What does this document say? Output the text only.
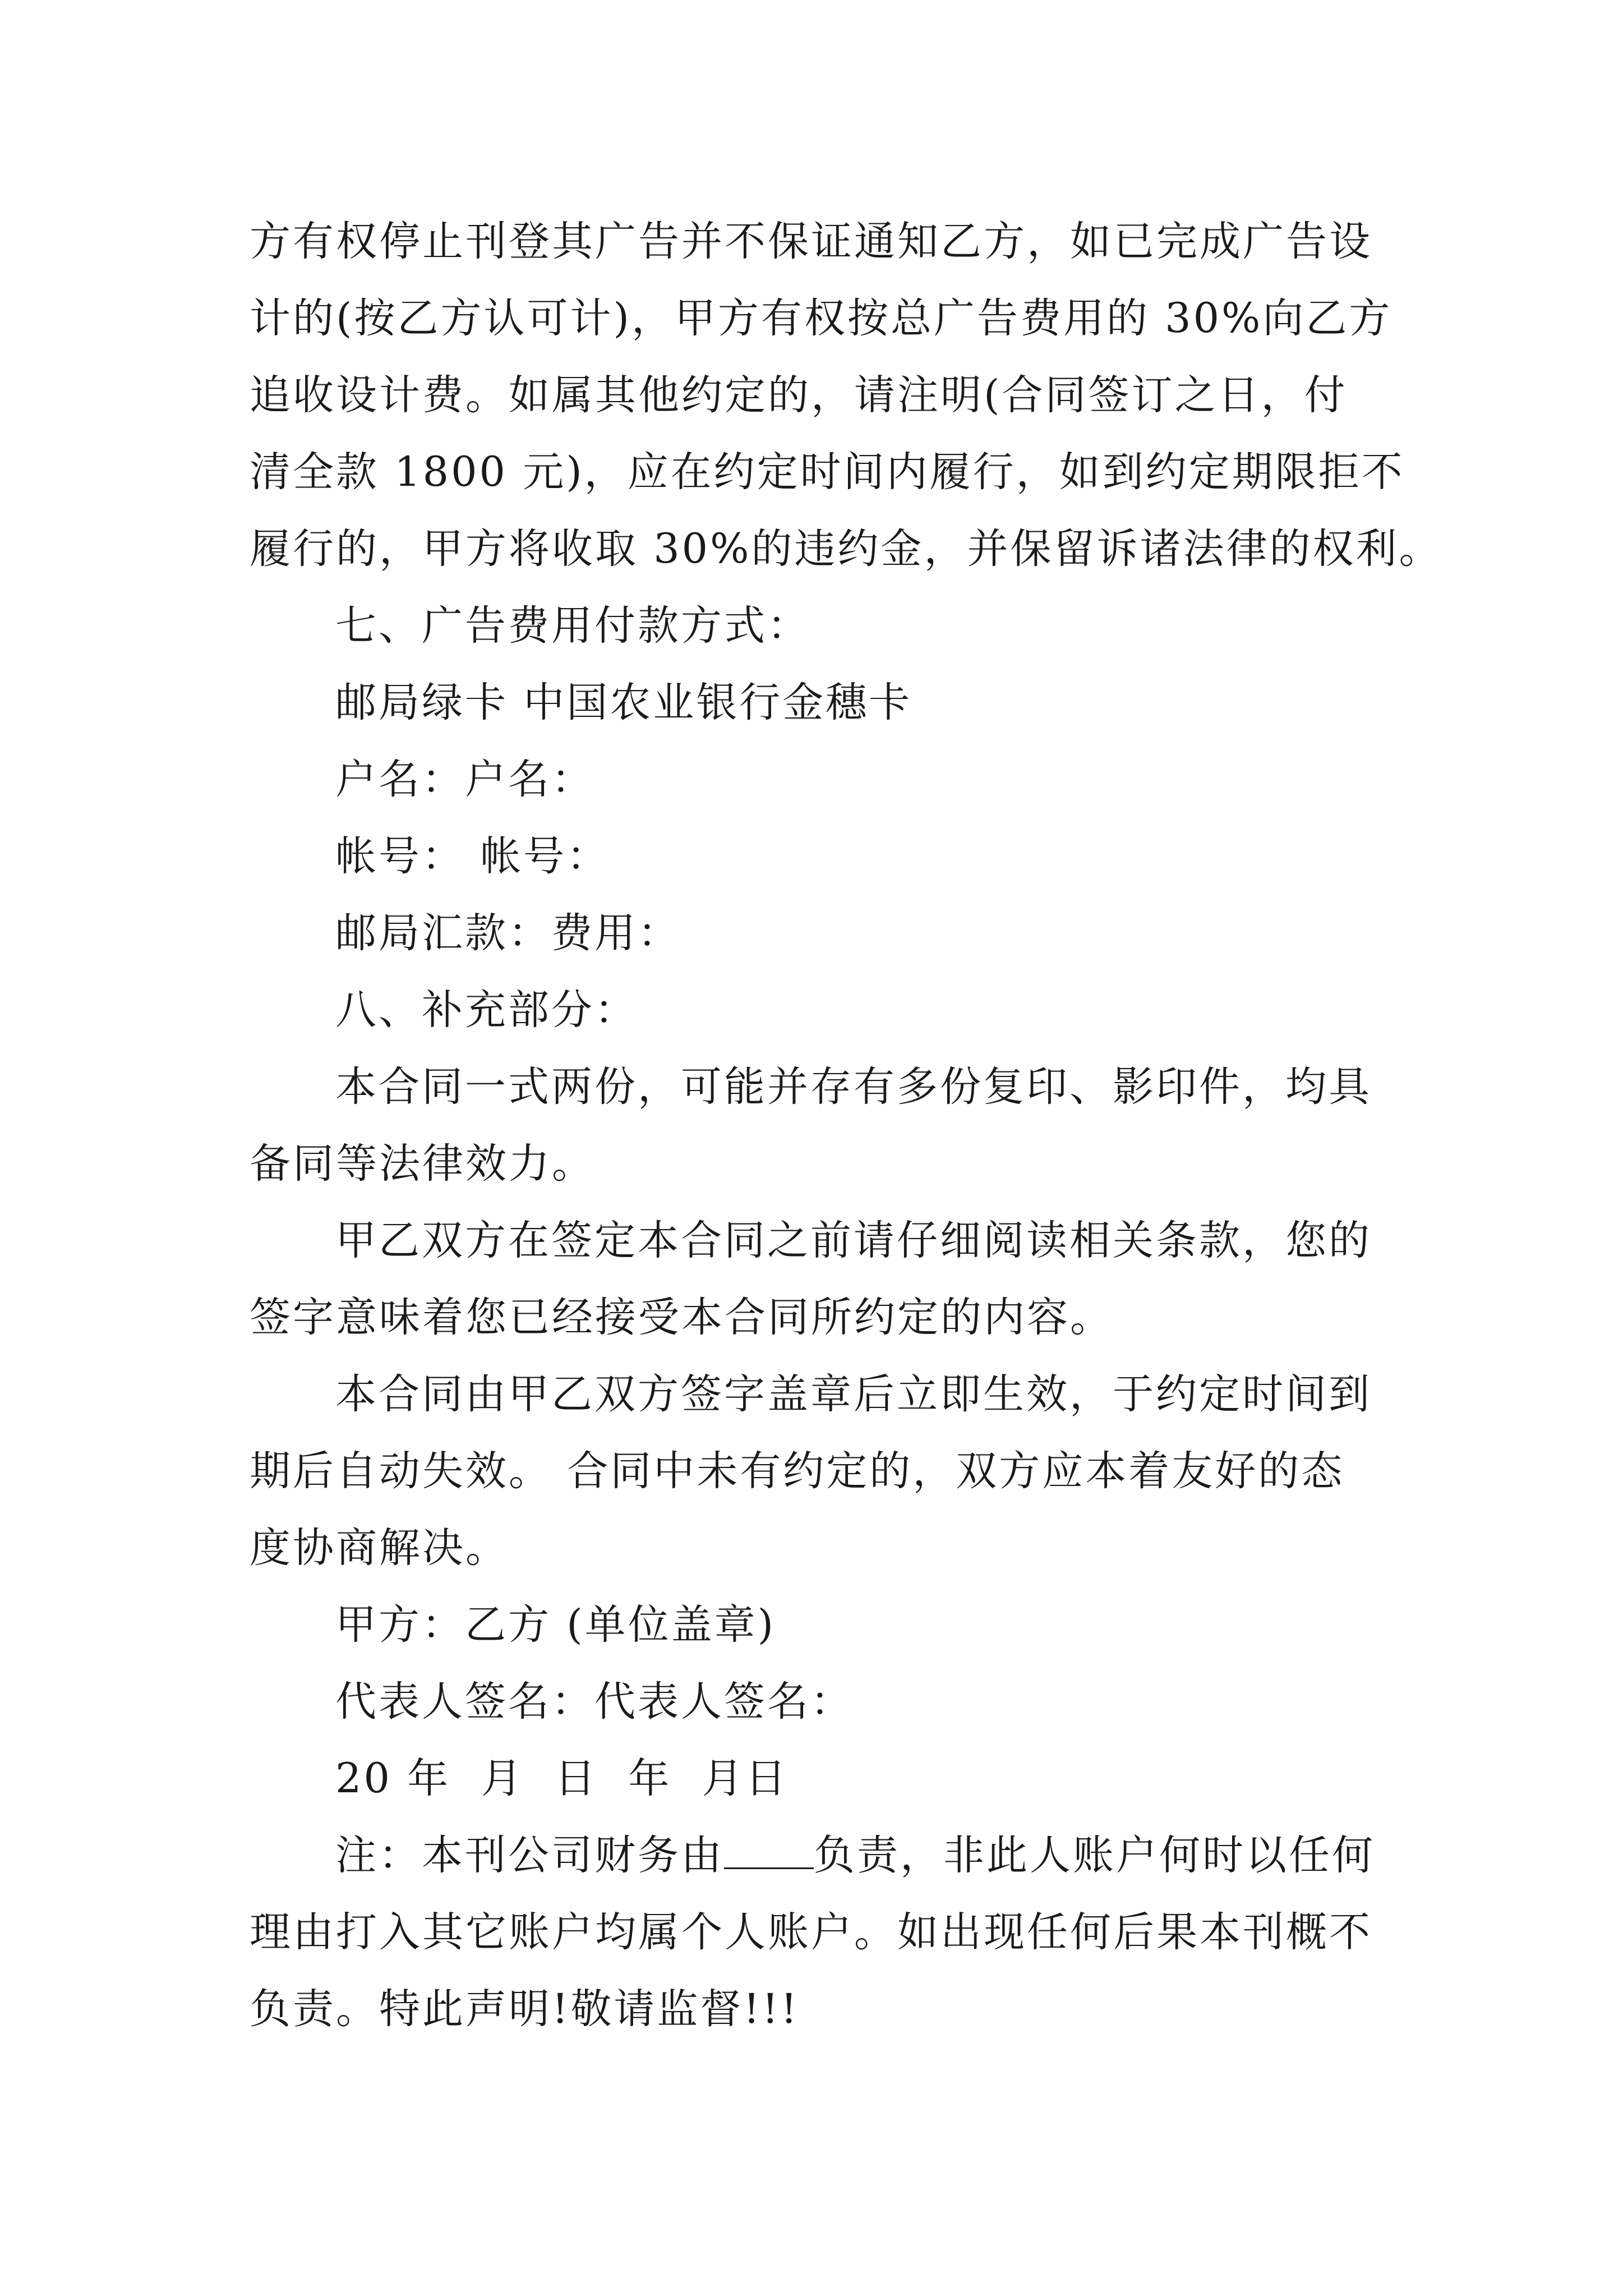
方有权停止刊登其广告并不保证通知乙方，如已完成广告设
计的(按乙方认可计)，甲方有权按总广告费用的 30%向乙方
追收设计费。如属其他约定的，请注明(合同签订之日，付
清全款 1800 元)，应在约定时间内履行，如到约定期限拒不
履行的，甲方将收取 30%的违约金，并保留诉诸法律的权利。

七、广告费用付款方式：

邮局绿卡 中国农业银行金穗卡

户名：户名：

帐号： 帐号：

邮局汇款：费用：

八、补充部分：

本合同一式两份，可能并存有多份复印、影印件，均具
备同等法律效力。

甲乙双方在签定本合同之前请仔细阅读相关条款，您的
签字意味着您已经接受本合同所约定的内容。

本合同由甲乙双方签字盖章后立即生效，于约定时间到
期后自动失效。 合同中未有约定的，双方应本着友好的态
度协商解决。

甲方：乙方 (单位盖章)

代表人签名：代表人签名：

20 年  月  日  年  月日

注：本刊公司财务由 负责，非此人账户何时以任何
理由打入其它账户均属个人账户。如出现任何后果本刊概不
负责。特此声明!敬请监督!!!
